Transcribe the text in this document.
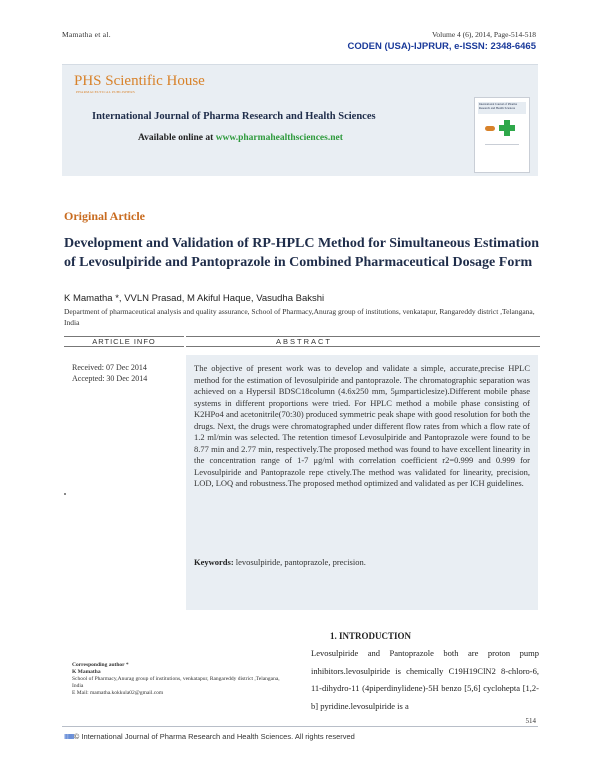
Mamatha et al.	Volume 4 (6), 2014, Page-514-518
CODEN (USA)-IJPRUR, e-ISSN: 2348-6465
PHS Scientific House
PHARMACEUTICAL PUBLISHERS
International Journal of Pharma Research and Health Sciences
Available online at www.pharmahealthsciences.net
International Journal of Pharma Research and Health Sciences
Original Article
Development and Validation of RP-HPLC Method for Simultaneous Estimation of Levosulpiride and Pantoprazole in Combined Pharmaceutical Dosage Form
K Mamatha *, VVLN Prasad, M Akiful Haque, Vasudha Bakshi
Department of pharmaceutical analysis and quality assurance, School of Pharmacy,Anurag group of institutions, venkatapur, Rangareddy district ,Telangana, India
ARTICLE INFO	ABSTRACT
Received: 07 Dec 2014
Accepted: 30 Dec 2014
The objective of present work was to develop and validate a simple, accurate,precise HPLC method for the estimation of levosulpiride and pantoprazole. The chromatographic separation was achieved on a Hypersil BDSC18column (4.6x250 mm, 5μmparticlesize).Different mobile phase systems in different proportions were tried. For HPLC method a mobile phase consisting of K2HPo4 and acetonitrile(70:30) produced symmetric peak shape with good resolution for both the drugs. Next, the drugs were chromatographed under different flow rates from which a flow rate of 1.2 ml/min was selected. The retention timesof Levosulpiride and Pantoprazole were found to be 8.77 min and 2.77 min, respectively.The proposed method was found to have excellent linearity in the concentration range of 1-7 μg/ml with correlation coefficient r2=0.999 and 0.999 for Levosulpiride and Pantoprazole repe ctively.The method was validated for linearity, precision, LOD, LOQ and robustness.The proposed method optimized and validated as per ICH guidelines.
Keywords: levosulpiride, pantoprazole, precision.
Corresponding author *
K Mamatha
School of Pharmacy,Anurag group of institutions, venkatapur, Rangareddy district ,Telangana, India
E Mail: mamatha.kokkula02@gmail.com
1. INTRODUCTION
Levosulpiride and Pantoprazole both are proton pump inhibitors.levosulpiride is chemically C19H19ClN2 8-chloro-6, 11-dihydro-11 (4piperdinylidene)-5H benzo [5,6] cyclohepta [1,2-b] pyridine.levosulpiride is a
514
IIIIIIIII© International Journal of Pharma Research and Health Sciences. All rights reserved
